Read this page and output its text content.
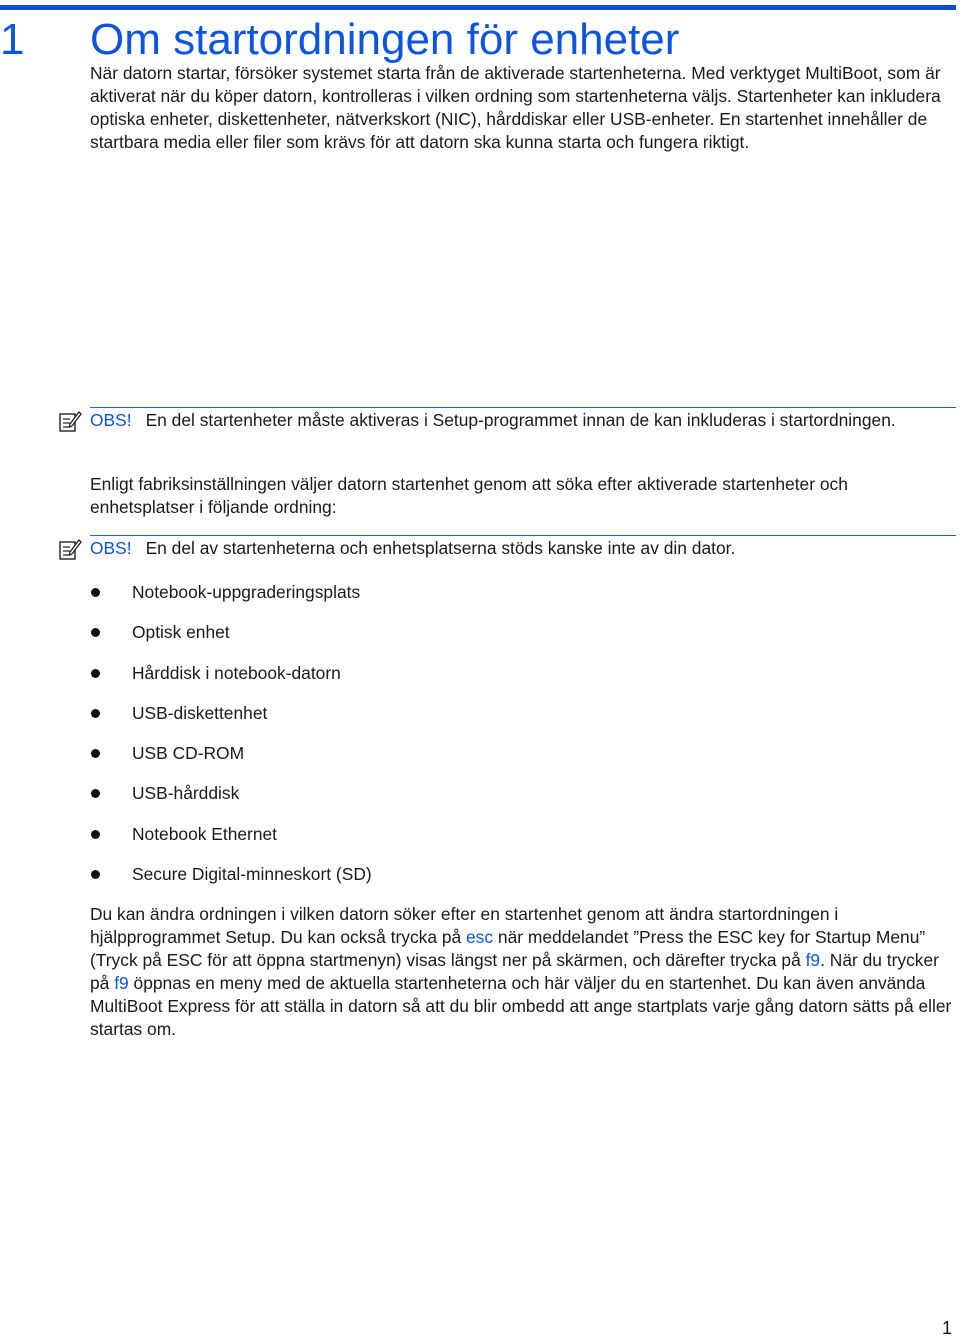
1 Om startordningen för enheter

När datorn startar, försöker systemet starta från de aktiverade startenheterna. Med verktyget MultiBoot, som är aktiverat när du köper datorn, kontrolleras i vilken ordning som startenheterna väljs. Startenheter kan inkludera optiska enheter, diskettenheter, nätverkskort (NIC), hårddiskar eller USB-enheter. En startenhet innehåller de startbara media eller filer som krävs för att datorn ska kunna starta och fungera riktigt.

OBS! En del startenheter måste aktiveras i Setup-programmet innan de kan inkluderas i startordningen.

Enligt fabriksinställningen väljer datorn startenhet genom att söka efter aktiverade startenheter och enhetsplatser i följande ordning:

OBS! En del av startenheterna och enhetsplatserna stöds kanske inte av din dator.

Notebook-uppgraderingsplats
Optisk enhet
Hårddisk i notebook-datorn
USB-diskettenhet
USB CD-ROM
USB-hårddisk
Notebook Ethernet
Secure Digital-minneskort (SD)

Du kan ändra ordningen i vilken datorn söker efter en startenhet genom att ändra startordningen i hjälpprogrammet Setup. Du kan också trycka på esc när meddelandet ”Press the ESC key for Startup Menu” (Tryck på ESC för att öppna startmenyn) visas längst ner på skärmen, och därefter trycka på f9. När du trycker på f9 öppnas en meny med de aktuella startenheterna och här väljer du en startenhet. Du kan även använda MultiBoot Express för att ställa in datorn så att du blir ombedd att ange startplats varje gång datorn sätts på eller startas om.

1
